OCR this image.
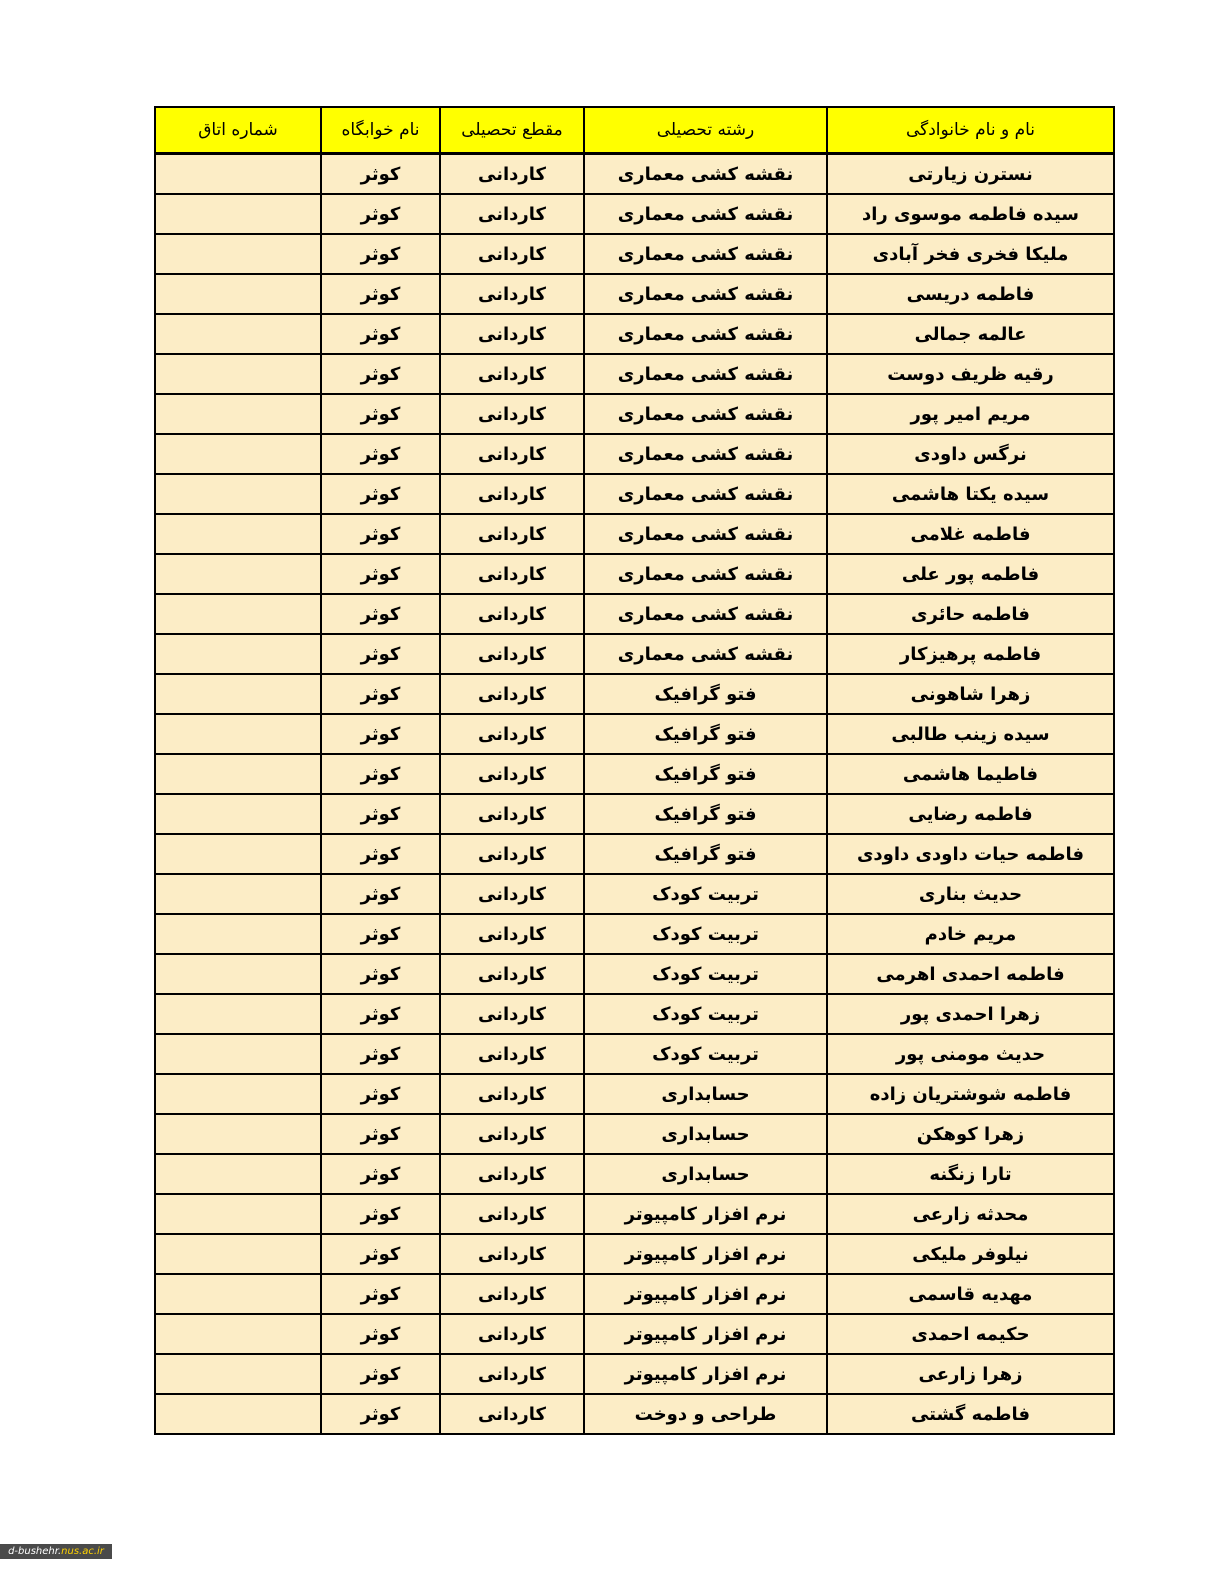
نام و نام خانوادگی	رشته تحصیلی	مقطع تحصیلی	نام خوابگاه	شماره اتاق
نسترن زیارتی	نقشه کشی معماری	کاردانی	کوثر	
سیده فاطمه موسوی راد	نقشه کشی معماری	کاردانی	کوثر	
ملیکا فخری فخر آبادی	نقشه کشی معماری	کاردانی	کوثر	
فاطمه دریسی	نقشه کشی معماری	کاردانی	کوثر	
عالمه جمالی	نقشه کشی معماری	کاردانی	کوثر	
رقیه ظریف دوست	نقشه کشی معماری	کاردانی	کوثر	
مریم امیر پور	نقشه کشی معماری	کاردانی	کوثر	
نرگس داودی	نقشه کشی معماری	کاردانی	کوثر	
سیده یکتا هاشمی	نقشه کشی معماری	کاردانی	کوثر	
فاطمه غلامی	نقشه کشی معماری	کاردانی	کوثر	
فاطمه پور علی	نقشه کشی معماری	کاردانی	کوثر	
فاطمه حائری	نقشه کشی معماری	کاردانی	کوثر	
فاطمه پرهیزکار	نقشه کشی معماری	کاردانی	کوثر	
زهرا شاهونی	فتو گرافیک	کاردانی	کوثر	
سیده زینب طالبی	فتو گرافیک	کاردانی	کوثر	
فاطیما هاشمی	فتو گرافیک	کاردانی	کوثر	
فاطمه رضایی	فتو گرافیک	کاردانی	کوثر	
فاطمه حیات داودی داودی	فتو گرافیک	کاردانی	کوثر	
حدیث بناری	تربیت کودک	کاردانی	کوثر	
مریم خادم	تربیت کودک	کاردانی	کوثر	
فاطمه احمدی اهرمی	تربیت کودک	کاردانی	کوثر	
زهرا احمدی پور	تربیت کودک	کاردانی	کوثر	
حدیث مومنی پور	تربیت کودک	کاردانی	کوثر	
فاطمه شوشتریان زاده	حسابداری	کاردانی	کوثر	
زهرا کوهکن	حسابداری	کاردانی	کوثر	
تارا زنگنه	حسابداری	کاردانی	کوثر	
محدثه زارعی	نرم افزار کامپیوتر	کاردانی	کوثر	
نیلوفر ملیکی	نرم افزار کامپیوتر	کاردانی	کوثر	
مهدیه قاسمی	نرم افزار کامپیوتر	کاردانی	کوثر	
حکیمه احمدی	نرم افزار کامپیوتر	کاردانی	کوثر	
زهرا زارعی	نرم افزار کامپیوتر	کاردانی	کوثر	
فاطمه گشتی	طراحی و دوخت	کاردانی	کوثر	
d-bushehr.nus.ac.ir
